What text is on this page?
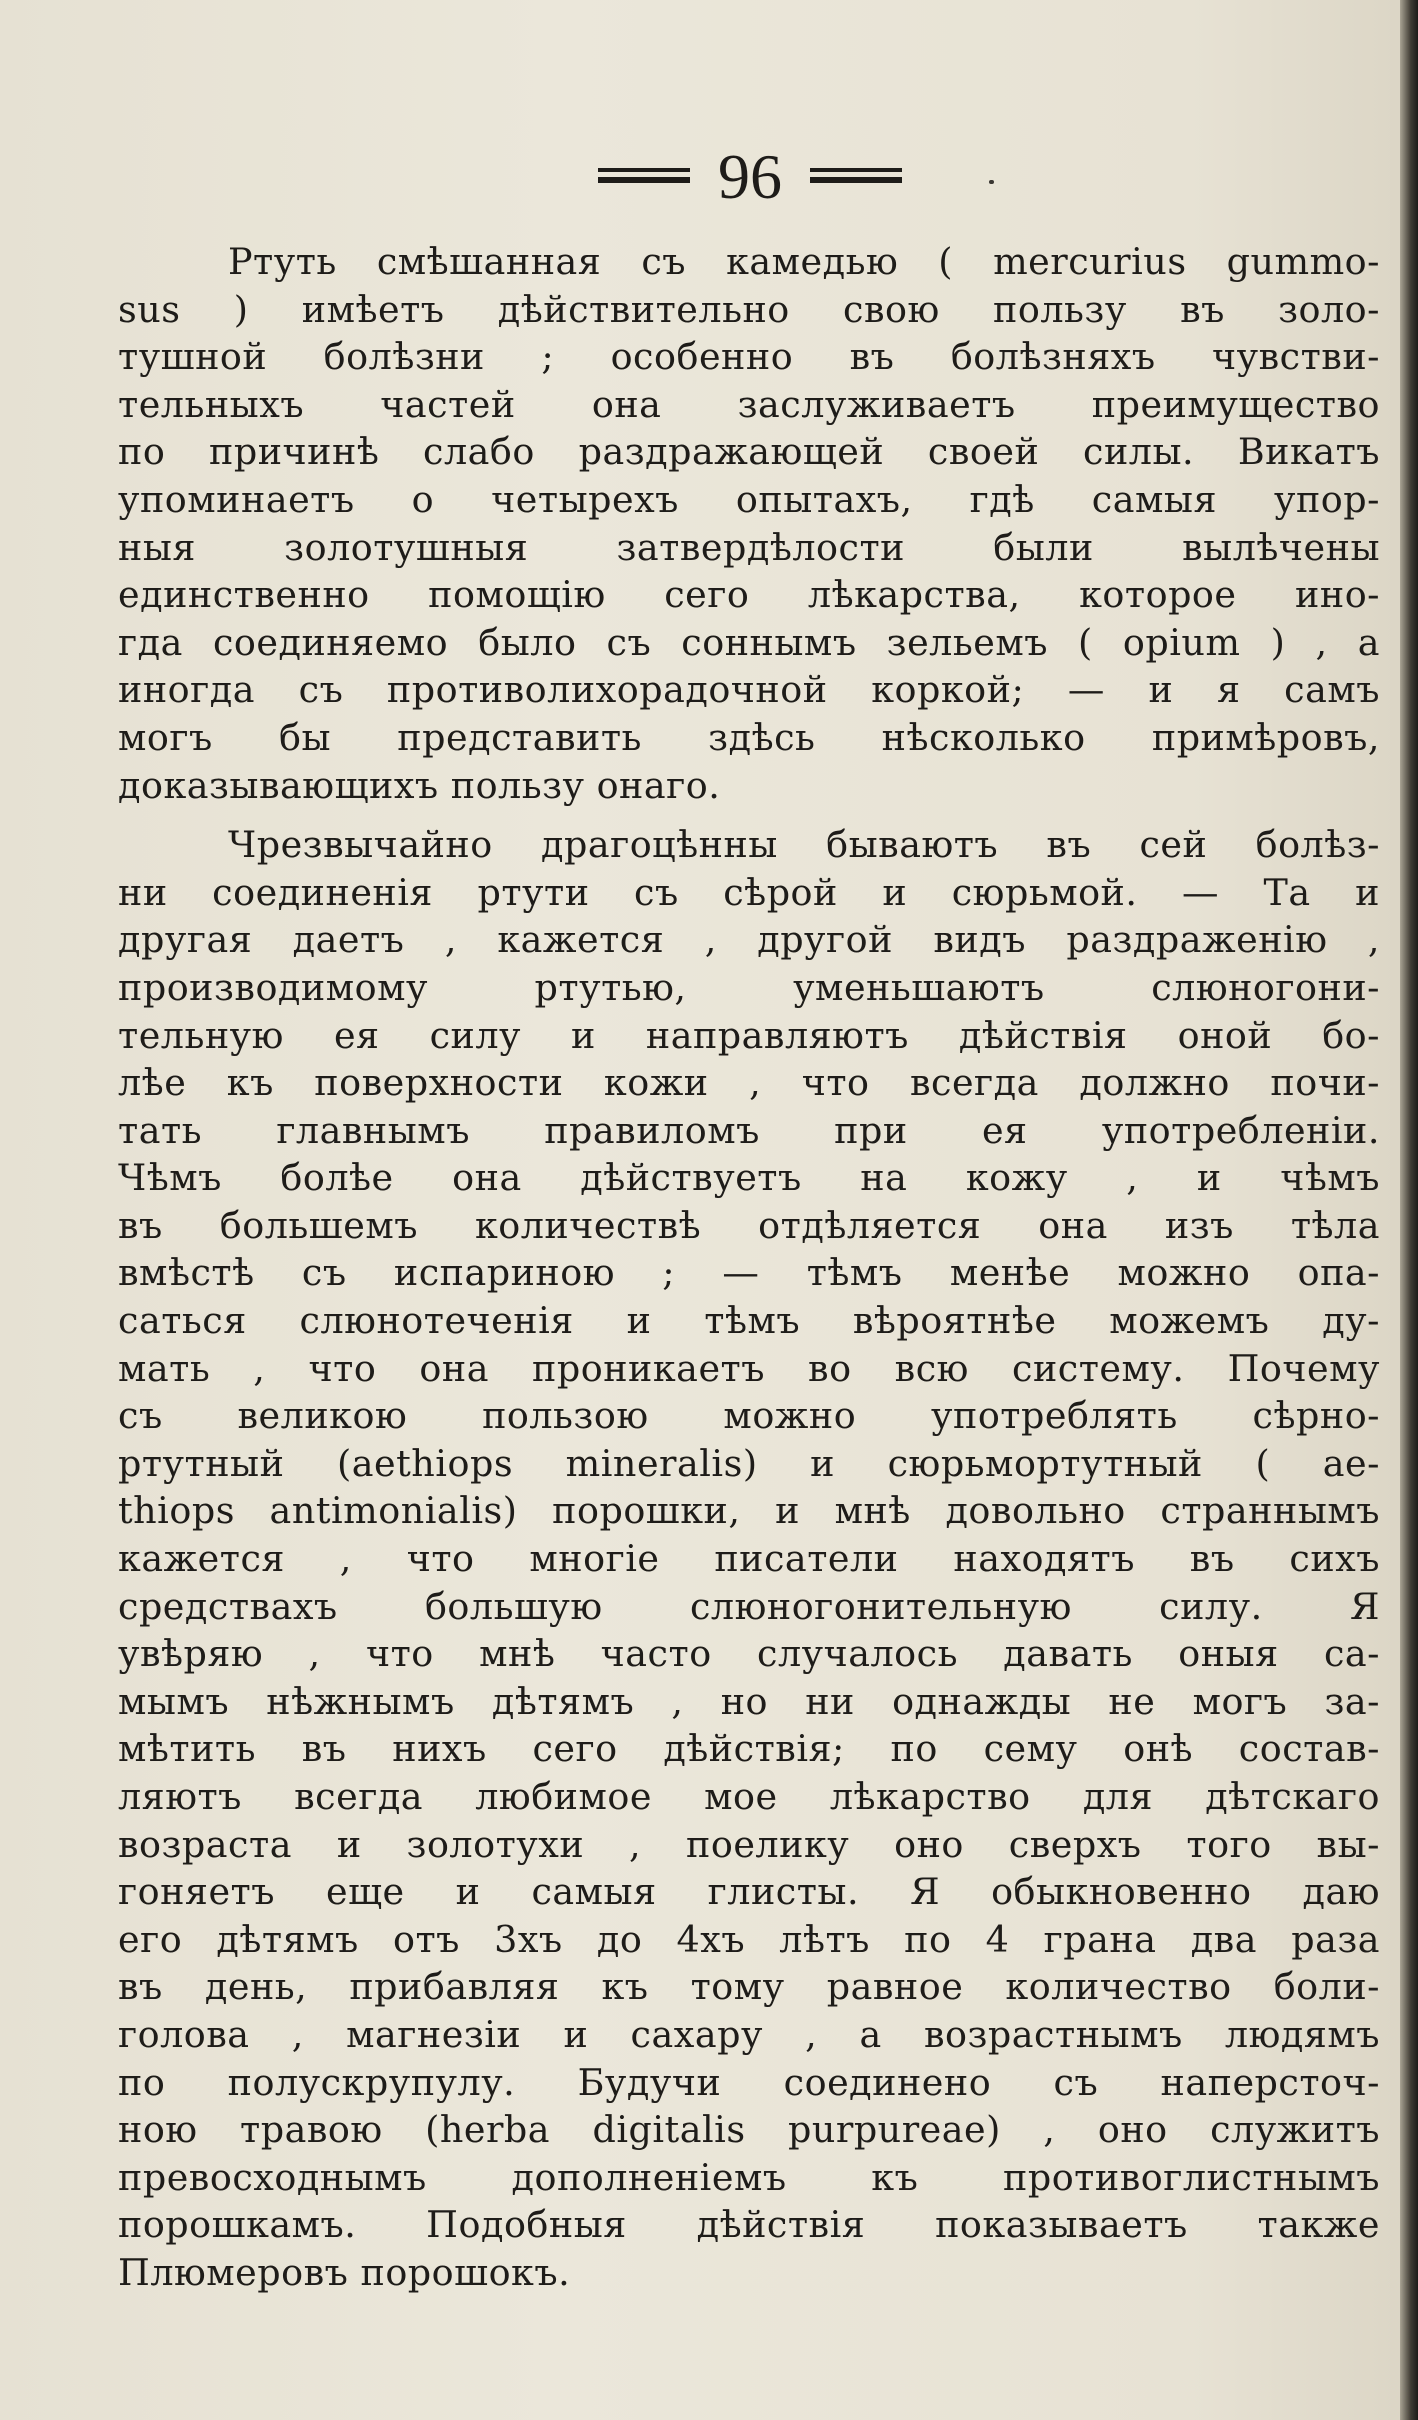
96
Ртуть смѣшанная съ камедью ( mercurius gummo-
sus ) имѣетъ дѣйствительно свою пользу въ золо-
тушной болѣзни ; особенно въ болѣзняхъ чувстви-
тельныхъ частей она заслуживаетъ преимущество
по причинѣ слабо раздражающей своей силы. Викатъ
упоминаетъ о четырехъ опытахъ, гдѣ самыя упор-
ныя золотушныя затвердѣлости были вылѣчены
единственно помощію сего лѣкарства, которое ино-
гда соединяемо было съ соннымъ зельемъ ( opium ) , а
иногда съ противолихорадочной коркой; — и я самъ
могъ бы представить здѣсь нѣсколько примѣровъ,
доказывающихъ пользу онаго.
Чрезвычайно драгоцѣнны бываютъ въ сей болѣз-
ни соединенія ртути съ сѣрой и сюрьмой. — Та и
другая даетъ , кажется , другой видъ раздраженію ,
производимому ртутью, уменьшаютъ слюногони-
тельную ея силу и направляютъ дѣйствія оной бо-
лѣе къ поверхности кожи , что всегда должно почи-
тать главнымъ правиломъ при ея употребленіи.
Чѣмъ болѣе она дѣйствуетъ на кожу , и чѣмъ
въ большемъ количествѣ отдѣляется она изъ тѣла
вмѣстѣ съ испариною ; — тѣмъ менѣе можно опа-
саться слюнотеченія и тѣмъ вѣроятнѣе можемъ ду-
мать , что она проникаетъ во всю систему. Почему
съ великою пользою можно употреблять сѣрно-
ртутный (aethiops mineralis) и сюрьмортутный ( ae-
thiops antimonialis) порошки, и мнѣ довольно страннымъ
кажется , что многіе писатели находятъ въ сихъ
средствахъ большую слюногонительную силу. Я
увѣряю , что мнѣ часто случалось давать оныя са-
мымъ нѣжнымъ дѣтямъ , но ни однажды не могъ за-
мѣтить въ нихъ сего дѣйствія; по сему онѣ состав-
ляютъ всегда любимое мое лѣкарство для дѣтскаго
возраста и золотухи , поелику оно сверхъ того вы-
гоняетъ еще и самыя глисты. Я обыкновенно даю
его дѣтямъ отъ 3хъ до 4хъ лѣтъ по 4 грана два раза
въ день, прибавляя къ тому равное количество боли-
голова , магнезіи и сахару , а возрастнымъ людямъ
по полускрупулу. Будучи соединено съ наперсточ-
ною травою (herba digitalis purpureae) , оно служитъ
превосходнымъ дополненіемъ къ противоглистнымъ
порошкамъ. Подобныя дѣйствія показываетъ также
Плюмеровъ порошокъ.
